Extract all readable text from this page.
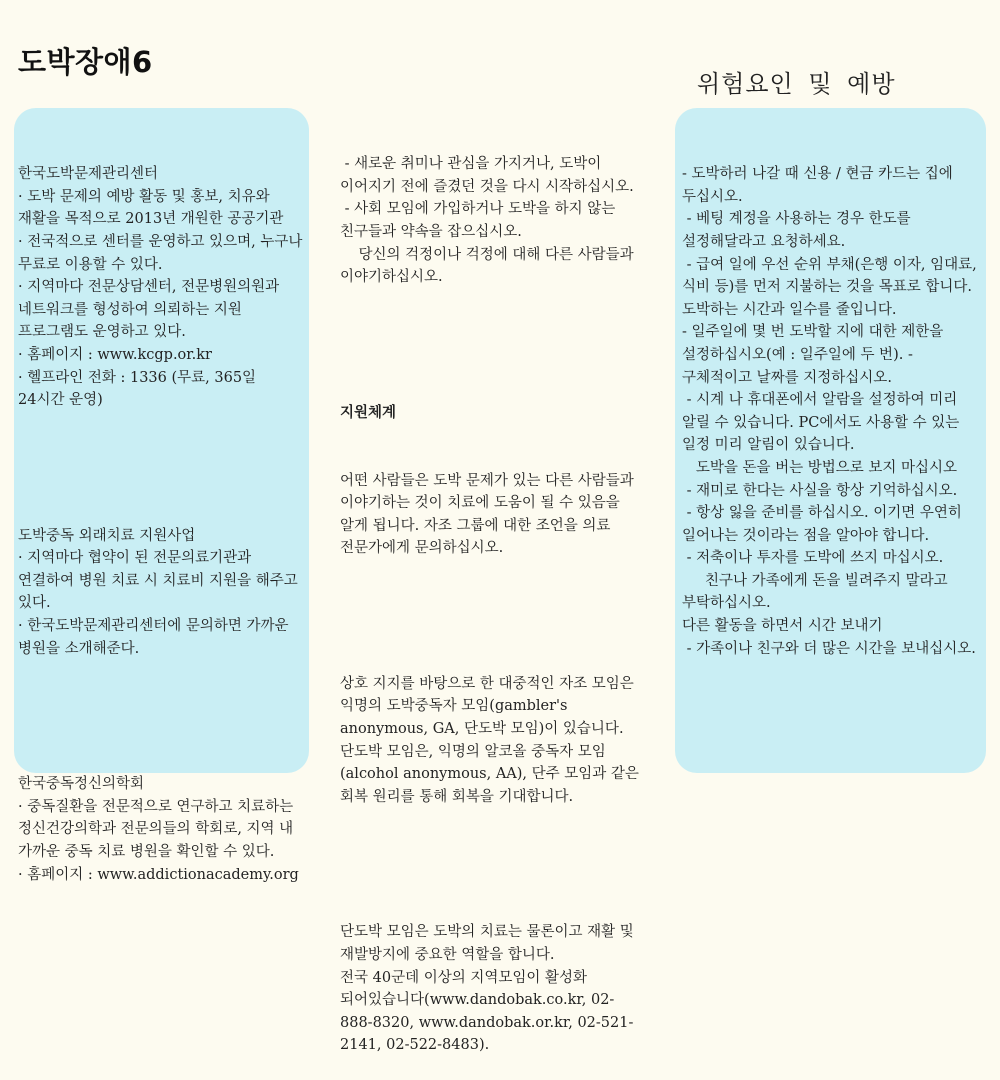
도박장애6
위험요인 및 예방

한국도박문제관리센터
· 도박 문제의 예방 활동 및 홍보, 치유와 재활을 목적으로 2013년 개원한 공공기관
· 전국적으로 센터를 운영하고 있으며, 누구나 무료로 이용할 수 있다.
· 지역마다 전문상담센터, 전문병원의원과 네트워크를 형성하여 의뢰하는 지원 프로그램도 운영하고 있다.
· 홈페이지 : www.kcgp.or.kr
· 헬프라인 전화 : 1336 (무료, 365일 24시간 운영)

도박중독 외래치료 지원사업
· 지역마다 협약이 된 전문의료기관과 연결하여 병원 치료 시 치료비 지원을 해주고 있다.
· 한국도박문제관리센터에 문의하면 가까운 병원을 소개해준다.

한국중독정신의학회
· 중독질환을 전문적으로 연구하고 치료하는 정신건강의학과 전문의들의 학회로, 지역 내 가까운 중독 치료 병원을 확인할 수 있다.
· 홈페이지 : www.addictionacademy.org

- 새로운 취미나 관심을 가지거나, 도박이 이어지기 전에 즐겼던 것을 다시 시작하십시오.
- 사회 모임에 가입하거나 도박을 하지 않는 친구들과 약속을 잡으십시오.
당신의 걱정이나 걱정에 대해 다른 사람들과 이야기하십시오.

지원체계

어떤 사람들은 도박 문제가 있는 다른 사람들과 이야기하는 것이 치료에 도움이 될 수 있음을 알게 됩니다. 자조 그룹에 대한 조언을 의료 전문가에게 문의하십시오.

상호 지지를 바탕으로 한 대중적인 자조 모임은 익명의 도박중독자 모임(gambler's anonymous, GA, 단도박 모임)이 있습니다. 단도박 모임은, 익명의 알코올 중독자 모임(alcohol anonymous, AA), 단주 모임과 같은 회복 원리를 통해 회복을 기대합니다.

단도박 모임은 도박의 치료는 물론이고 재활 및 재발방지에 중요한 역할을 합니다.
전국 40군데 이상의 지역모임이 활성화 되어있습니다(www.dandobak.co.kr, 02-888-8320, www.dandobak.or.kr, 02-521-2141, 02-522-8483).

- 도박하러 나갈 때 신용 / 현금 카드는 집에 두십시오.
- 베팅 계정을 사용하는 경우 한도를 설정해달라고 요청하세요.
- 급여 일에 우선 순위 부채(은행 이자, 임대료, 식비 등)를 먼저 지불하는 것을 목표로 합니다.
도박하는 시간과 일수를 줄입니다.
- 일주일에 몇 번 도박할 지에 대한 제한을 설정하십시오(예 : 일주일에 두 번). - 구체적이고 날짜를 지정하십시오.
- 시계 나 휴대폰에서 알람을 설정하여 미리 알릴 수 있습니다. PC에서도 사용할 수 있는 일정 미리 알림이 있습니다.
도박을 돈을 버는 방법으로 보지 마십시오
- 재미로 한다는 사실을 항상 기억하십시오.
- 항상 잃을 준비를 하십시오. 이기면 우연히 일어나는 것이라는 점을 알아야 합니다.
- 저축이나 투자를 도박에 쓰지 마십시오.
친구나 가족에게 돈을 빌려주지 말라고 부탁하십시오.
다른 활동을 하면서 시간 보내기
- 가족이나 친구와 더 많은 시간을 보내십시오.
